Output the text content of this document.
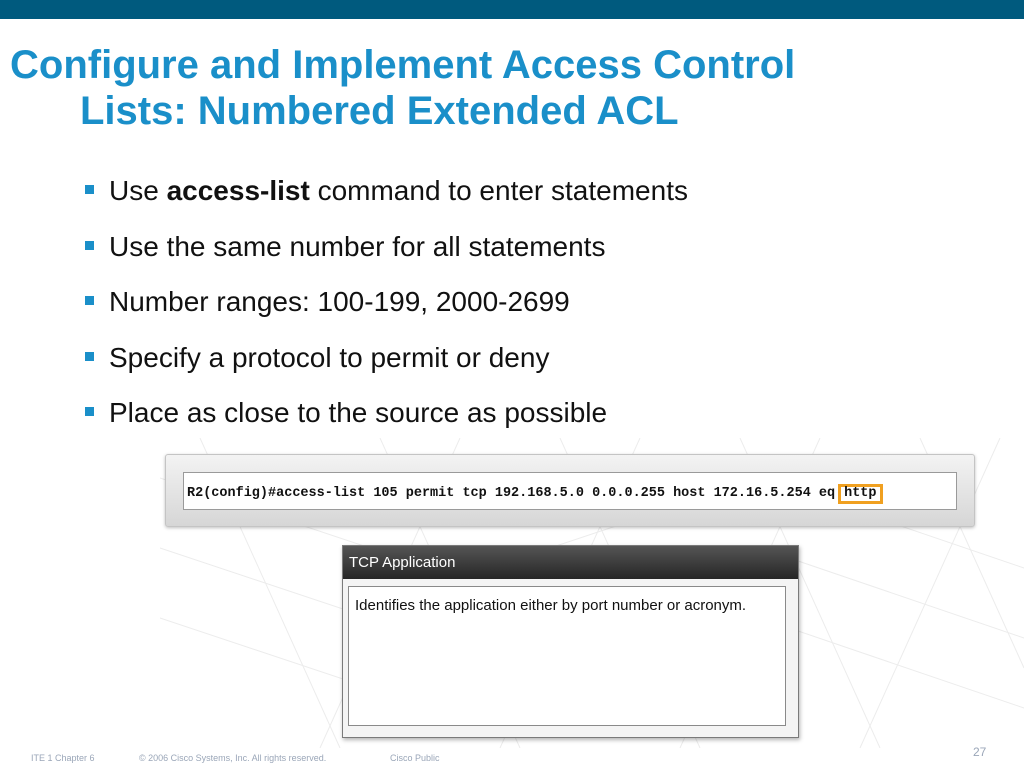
Configure and Implement Access Control
Lists: Numbered Extended ACL
Use access-list command to enter statements
Use the same number for all statements
Number ranges: 100-199, 2000-2699
Specify a protocol to permit or deny
Place as close to the source as possible
R2(config)#access-list 105 permit tcp 192.168.5.0 0.0.0.255 host 172.16.5.254 eq http
TCP Application
Identifies the application either by port number or acronym.
ITE 1 Chapter 6	© 2006 Cisco Systems, Inc. All rights reserved.	Cisco Public	27
